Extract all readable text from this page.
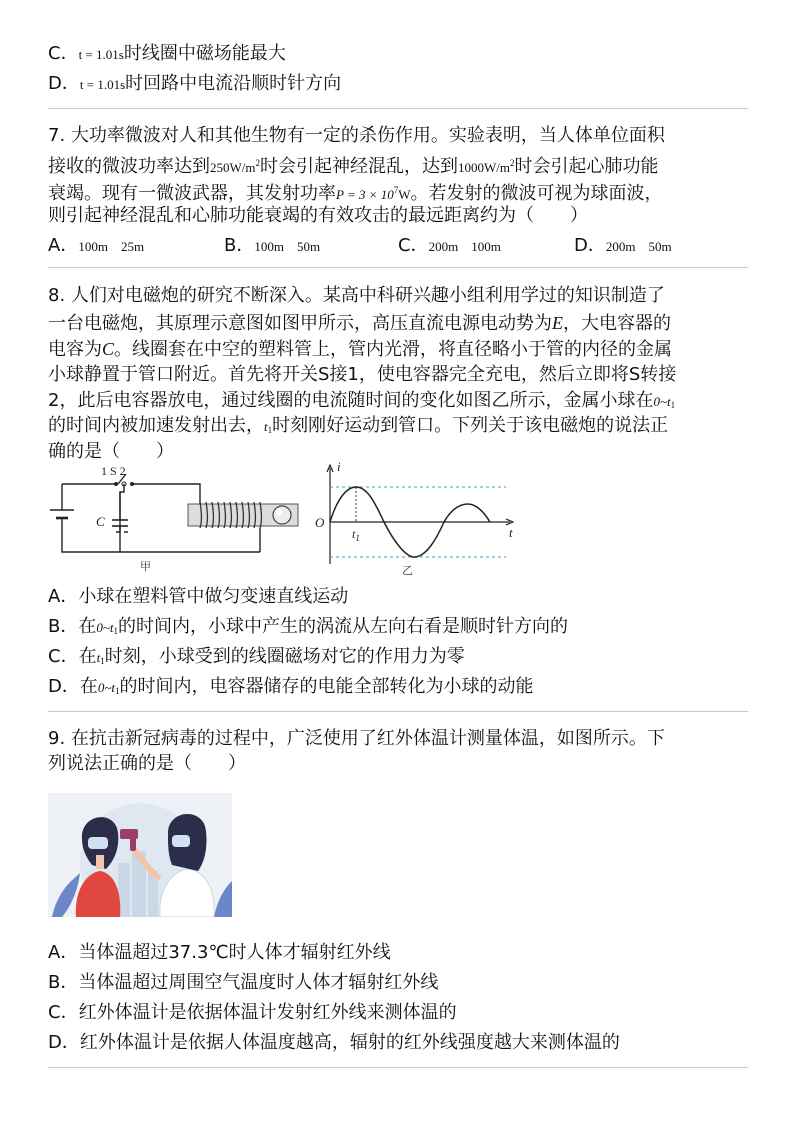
C．t = 1.01s时线圈中磁场能最大
D．t = 1.01s时回路中电流沿顺时针方向
7. 大功率微波对人和其他生物有一定的杀伤作用。实验表明，当人体单位面积
接收的微波功率达到$250W/m^2$时会引起神经混乱，达到$1000W/m^2$时会引起心肺功能
衰竭。现有一微波武器，其发射功率$P = 3 \times 10^7W$。若发射的微波可视为球面波，
则引起神经混乱和心肺功能衰竭的有效攻击的最远距离约为（　　）
A．100m　25m	B．100m　50m	C．200m　100m	D．200m　50m
8. 人们对电磁炮的研究不断深入。某高中科研兴趣小组利用学过的知识制造了
一台电磁炮，其原理示意图如图甲所示，高压直流电源电动势为E，大电容器的
电容为C。线圈套在中空的塑料管上，管内光滑，将直径略小于管的内径的金属
小球静置于管口附近。首先将开关S接1，使电容器完全充电，然后立即将S转接
2，此后电容器放电，通过线圈的电流随时间的变化如图乙所示，金属小球在$0\sim t_1$
的时间内被加速发射出去，$t_1$时刻刚好运动到管口。下列关于该电磁炮的说法正
确的是（　　）
1 S 2
C
甲
i
t
O
$t_1$
乙
A．小球在塑料管中做匀变速直线运动
B．在$0\sim t_1$的时间内，小球中产生的涡流从左向右看是顺时针方向的
C．在$t_1$时刻，小球受到的线圈磁场对它的作用力为零
D．在$0\sim t_1$的时间内，电容器储存的电能全部转化为小球的动能
9. 在抗击新冠病毒的过程中，广泛使用了红外体温计测量体温，如图所示。下
列说法正确的是（　　）
A．当体温超过37.3℃时人体才辐射红外线
B．当体温超过周围空气温度时人体才辐射红外线
C．红外体温计是依据体温计发射红外线来测体温的
D．红外体温计是依据人体温度越高，辐射的红外线强度越大来测体温的
